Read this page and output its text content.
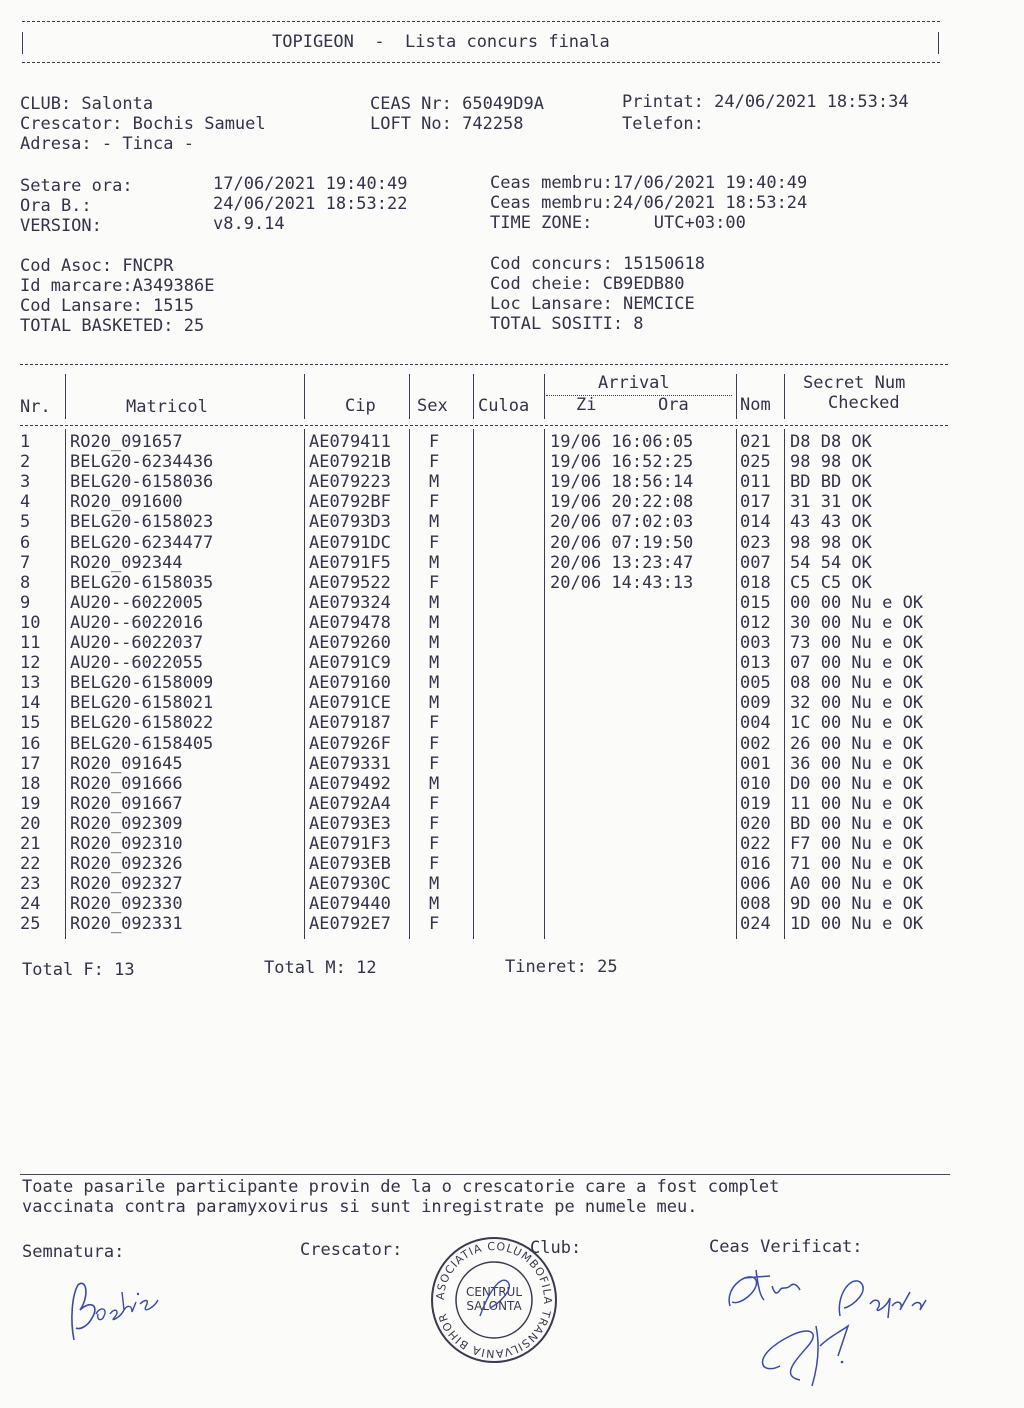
TOPIGEON  -  Lista concurs finala
CLUB: Salonta
Crescator: Bochis Samuel
Adresa: - Tinca -
CEAS Nr: 65049D9A
LOFT No: 742258
Printat: 24/06/2021 18:53:34
Telefon:
Setare ora:	17/06/2021 19:40:49
Ora B.:	24/06/2021 18:53:22
VERSION:	v8.9.14
Ceas membru:17/06/2021 19:40:49
Ceas membru:24/06/2021 18:53:24
TIME ZONE:      UTC+03:00
Cod Asoc: FNCPR
Id marcare:A349386E
Cod Lansare: 1515
TOTAL BASKETED: 25
Cod concurs: 15150618
Cod cheie: CB9EDB80
Loc Lansare: NEMCICE
TOTAL SOSITI: 8
Nr.	Matricol	Cip Sex Culoa
Arrival
Zi	Ora	Nom
Secret Num
Checked
1 RO20_091657	AE079411 F	19/06 16:06:05	021 D8 D8 OK
2 BELG20-6234436	AE07921B F	19/06 16:52:25	025 98 98 OK
3 BELG20-6158036	AE079223 M	19/06 18:56:14	011 BD BD OK
4 RO20_091600	AE0792BF F	19/06 20:22:08	017 31 31 OK
5 BELG20-6158023	AE0793D3 M	20/06 07:02:03	014 43 43 OK
6 BELG20-6234477	AE0791DC F	20/06 07:19:50	023 98 98 OK
7 RO20_092344	AE0791F5 M	20/06 13:23:47	007 54 54 OK
8 BELG20-6158035	AE079522 F	20/06 14:43:13	018 C5 C5 OK
9 AU20--6022005	AE079324 M	015 00 00 Nu e OK
10 AU20--6022016	AE079478 M	012 30 00 Nu e OK
11 AU20--6022037	AE079260 M	003 73 00 Nu e OK
12 AU20--6022055	AE0791C9 M	013 07 00 Nu e OK
13 BELG20-6158009	AE079160 M	005 08 00 Nu e OK
14 BELG20-6158021	AE0791CE M	009 32 00 Nu e OK
15 BELG20-6158022	AE079187 F	004 1C 00 Nu e OK
16 BELG20-6158405	AE07926F F	002 26 00 Nu e OK
17 RO20_091645	AE079331 F	001 36 00 Nu e OK
18 RO20_091666	AE079492 M	010 D0 00 Nu e OK
19 RO20_091667	AE0792A4 F	019 11 00 Nu e OK
20 RO20_092309	AE0793E3 F	020 BD 00 Nu e OK
21 RO20_092310	AE0791F3 F	022 F7 00 Nu e OK
22 RO20_092326	AE0793EB F	016 71 00 Nu e OK
23 RO20_092327	AE07930C M	006 A0 00 Nu e OK
24 RO20_092330	AE079440 M	008 9D 00 Nu e OK
25 RO20_092331	AE0792E7 F	024 1D 00 Nu e OK
Total F: 13	Total M: 12	Tineret: 25
Toate pasarile participante provin de la o crescatorie care a fost complet
vaccinata contra paramyxovirus si sunt inregistrate pe numele meu.
Semnatura:	Crescator:	Club:	Ceas Verificat:
ASOCIATIA COLUMBOFILA TRANSILVANIA BIHOR
CENTRUL
SALONTA
